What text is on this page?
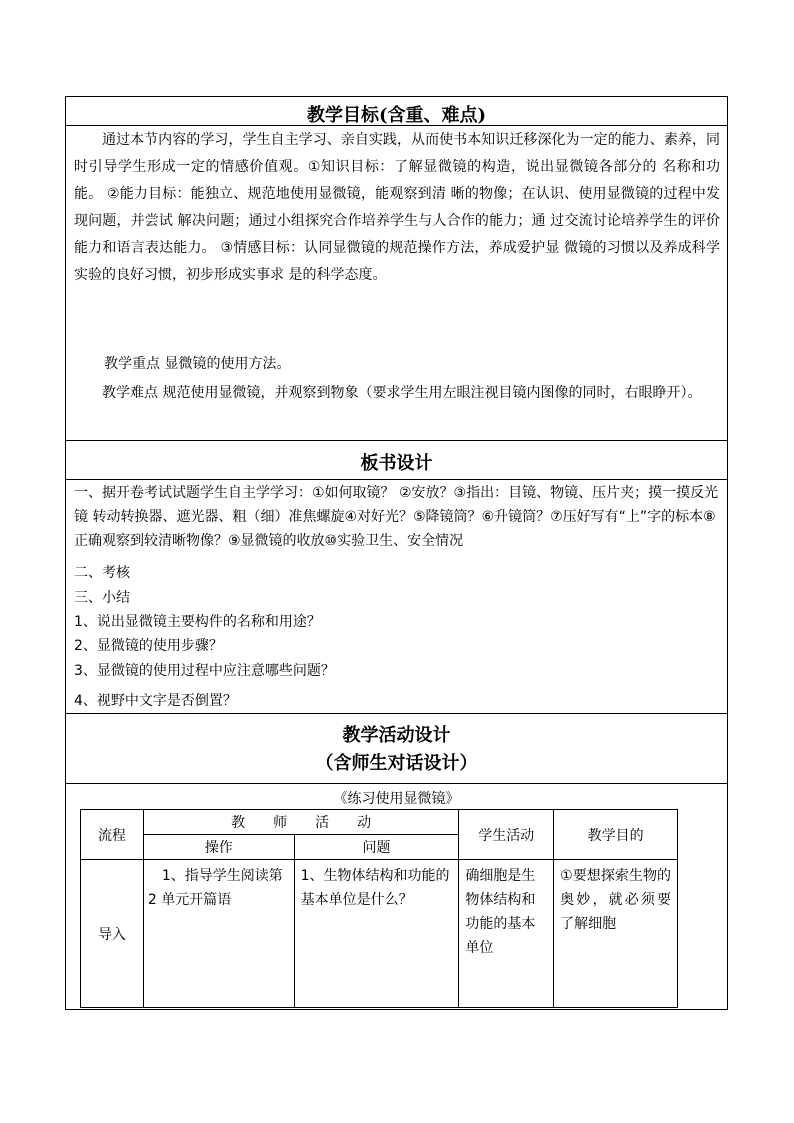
教学目标(含重、难点)
通过本节内容的学习，学生自主学习、亲自实践，从而使书本知识迁移深化为一定的能力、素养，同时引导学生形成一定的情感价值观。①知识目标：了解显微镜的构造，说出显微镜各部分的 名称和功能。 ②能力目标：能独立、规范地使用显微镜，能观察到清 晰的物像；在认识、使用显微镜的过程中发现问题，并尝试 解决问题；通过小组探究合作培养学生与人合作的能力；通 过交流讨论培养学生的评价能力和语言表达能力。 ③情感目标：认同显微镜的规范操作方法，养成爱护显 微镜的习惯以及养成科学实验的良好习惯，初步形成实事求 是的科学态度。
教学重点 显微镜的使用方法。
教学难点 规范使用显微镜，并观察到物象（要求学生用左眼注视目镜内图像的同时，右眼睁开）。
板书设计
一、据开卷考试试题学生自主学学习：①如何取镜？ ②安放？③指出：目镜、物镜、压片夹；摸一摸反光镜 转动转换器、遮光器、粗（细）准焦螺旋④对好光？⑤降镜筒？⑥升镜筒？⑦压好写有“上”字的标本⑧正确观察到较清晰物像？⑨显微镜的收放⑩实验卫生、安全情况
二、考核
三、小结
1、说出显微镜主要构件的名称和用途？
2、显微镜的使用步骤？
3、显微镜的使用过程中应注意哪些问题？
4、视野中文字是否倒置？
教学活动设计
（含师生对话设计）
《练习使用显微镜》
流程	教　　师　　活　　动		学生活动	教学目的
	操作	问题		
导入	　1、指导学生阅读第 2 单元开篇语	1、生物体结构和功能的基本单位是什么？	确细胞是生物体结构和功能的基本单位	①要想探索生物的奥妙，就必须要了解细胞
